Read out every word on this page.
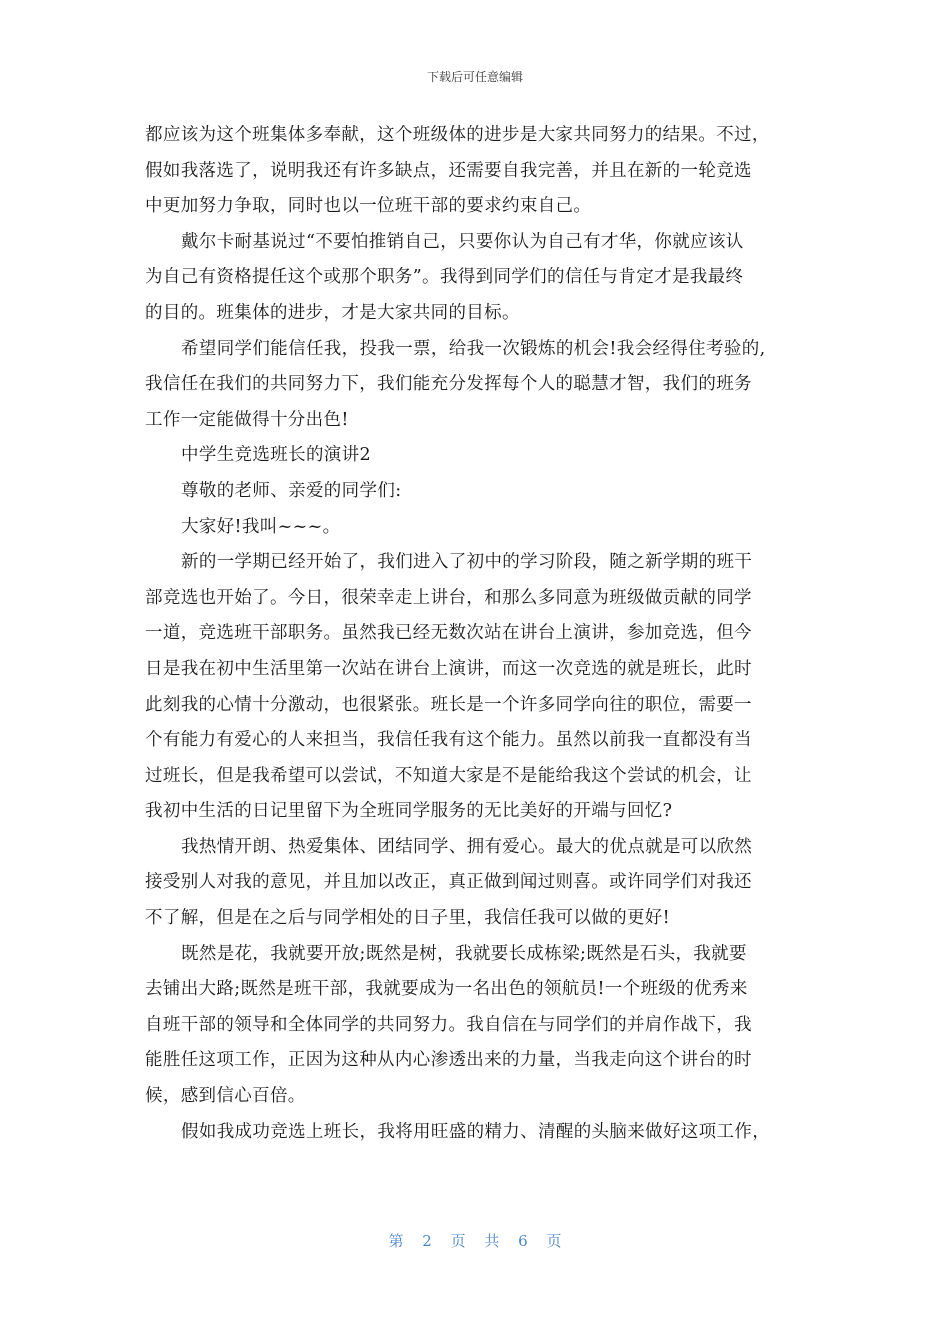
下载后可任意编辑
都应该为这个班集体多奉献，这个班级体的进步是大家共同努力的结果。不过，
假如我落选了，说明我还有许多缺点，还需要自我完善，并且在新的一轮竞选
中更加努力争取，同时也以一位班干部的要求约束自己。
戴尔卡耐基说过“不要怕推销自己，只要你认为自己有才华，你就应该认
为自己有资格提任这个或那个职务”。我得到同学们的信任与肯定才是我最终
的目的。班集体的进步，才是大家共同的目标。
希望同学们能信任我，投我一票，给我一次锻炼的机会!我会经得住考验的,
我信任在我们的共同努力下，我们能充分发挥每个人的聪慧才智，我们的班务
工作一定能做得十分出色!
中学生竞选班长的演讲2
尊敬的老师、亲爱的同学们:
大家好!我叫~~~。
新的一学期已经开始了，我们进入了初中的学习阶段，随之新学期的班干
部竞选也开始了。今日，很荣幸走上讲台，和那么多同意为班级做贡献的同学
一道，竞选班干部职务。虽然我已经无数次站在讲台上演讲，参加竞选，但今
日是我在初中生活里第一次站在讲台上演讲，而这一次竞选的就是班长，此时
此刻我的心情十分激动，也很紧张。班长是一个许多同学向往的职位，需要一
个有能力有爱心的人来担当，我信任我有这个能力。虽然以前我一直都没有当
过班长，但是我希望可以尝试，不知道大家是不是能给我这个尝试的机会，让
我初中生活的日记里留下为全班同学服务的无比美好的开端与回忆?
我热情开朗、热爱集体、团结同学、拥有爱心。最大的优点就是可以欣然
接受别人对我的意见，并且加以改正，真正做到闻过则喜。或许同学们对我还
不了解，但是在之后与同学相处的日子里，我信任我可以做的更好!
既然是花，我就要开放;既然是树，我就要长成栋梁;既然是石头，我就要
去铺出大路;既然是班干部，我就要成为一名出色的领航员!一个班级的优秀来
自班干部的领导和全体同学的共同努力。我自信在与同学们的并肩作战下，我
能胜任这项工作，正因为这种从内心渗透出来的力量，当我走向这个讲台的时
候，感到信心百倍。
假如我成功竞选上班长，我将用旺盛的精力、清醒的头脑来做好这项工作，
第 2 页 共 6 页
